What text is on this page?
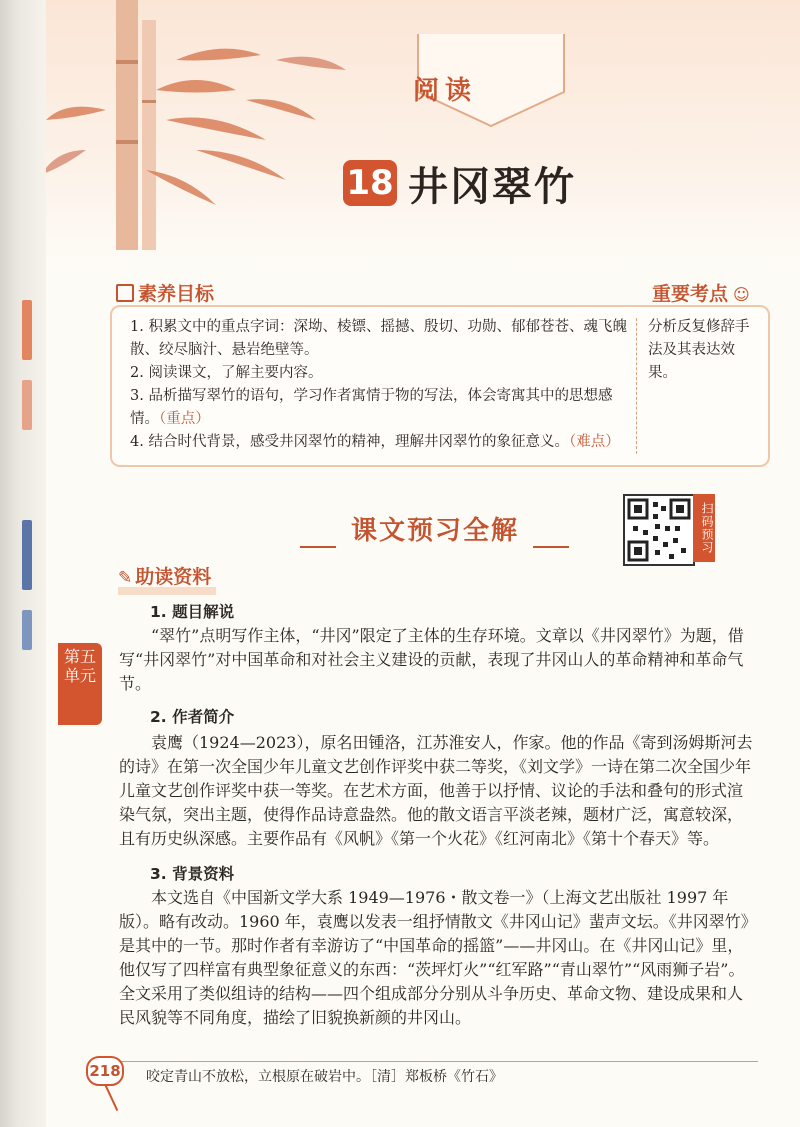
阅读
18 井冈翠竹
素养目标	重要考点 ☺
1. 积累文中的重点字词：深坳、棱镖、摇撼、殷切、功勋、郁郁苍苍、魂飞魄散、绞尽脑汁、悬岩绝壁等。
2. 阅读课文，了解主要内容。
3. 品析描写翠竹的语句，学习作者寓情于物的写法，体会寄寓其中的思想感情。（重点）
4. 结合时代背景，感受井冈翠竹的精神，理解井冈翠竹的象征意义。（难点）
分析反复修辞手法及其表达效果。
课文预习全解	扫码预习
✎ 助读资料
第五单元
1. 题目解说

“翠竹”点明写作主体，“井冈”限定了主体的生存环境。文章以《井冈翠竹》为题，借写“井冈翠竹”对中国革命和对社会主义建设的贡献，表现了井冈山人的革命精神和革命气节。

2. 作者简介

袁鹰（1924—2023），原名田锺洛，江苏淮安人，作家。他的作品《寄到汤姆斯河去的诗》在第一次全国少年儿童文艺创作评奖中获二等奖，《刘文学》一诗在第二次全国少年儿童文艺创作评奖中获一等奖。在艺术方面，他善于以抒情、议论的手法和叠句的形式渲染气氛，突出主题，使得作品诗意盎然。他的散文语言平淡老辣，题材广泛，寓意较深，且有历史纵深感。主要作品有《风帆》《第一个火花》《红河南北》《第十个春天》等。

3. 背景资料

本文选自《中国新文学大系 1949—1976・散文卷一》（上海文艺出版社 1997 年版）。略有改动。1960 年，袁鹰以发表一组抒情散文《井冈山记》蜚声文坛。《井冈翠竹》是其中的一节。那时作者有幸游访了“中国革命的摇篮”——井冈山。在《井冈山记》里，他仅写了四样富有典型象征意义的东西：“茨坪灯火”“红军路”“青山翠竹”“风雨狮子岩”。全文采用了类似组诗的结构——四个组成部分分别从斗争历史、革命文物、建设成果和人民风貌等不同角度，描绘了旧貌换新颜的井冈山。

218 咬定青山不放松，立根原在破岩中。［清］郑板桥《竹石》
